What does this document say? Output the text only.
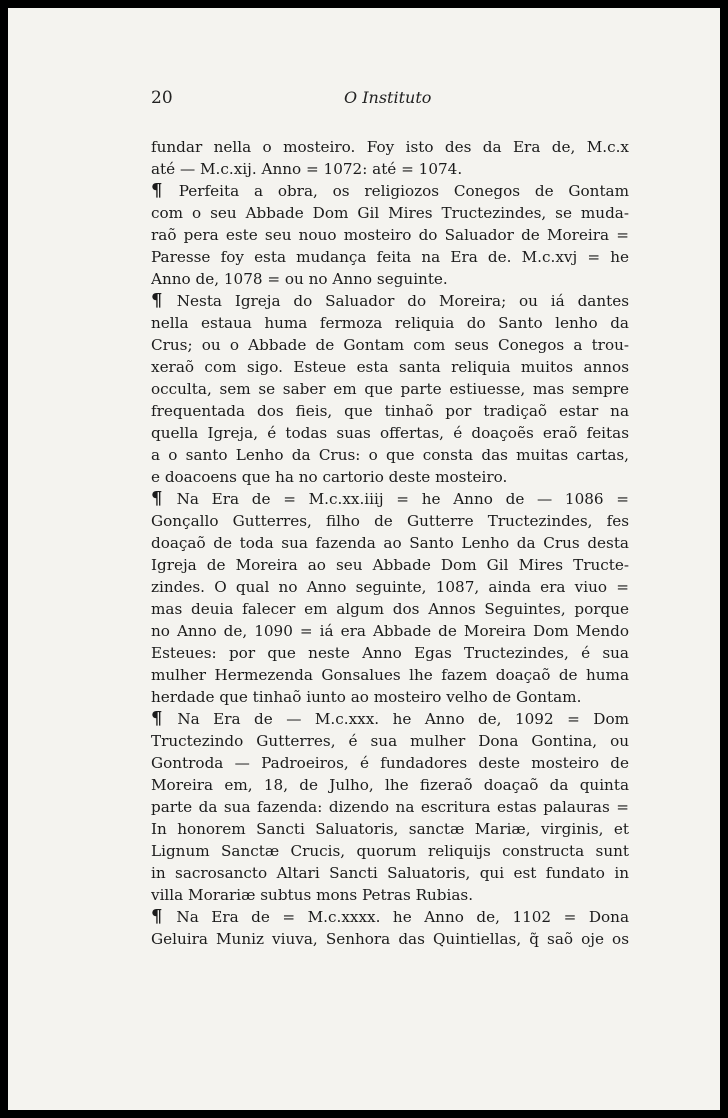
20	O Instituto
fundar nella o mosteiro. Foy isto des da Era de, M.c.x
até — M.c.xij. Anno = 1072: até = 1074.
¶ Perfeita a obra, os religiozos Conegos de Gontam
com o seu Abbade Dom Gil Mires Tructezindes, se muda-
raõ pera este seu nouo mosteiro do Saluador de Moreira =
Paresse foy esta mudança feita na Era de. M.c.xvj = he
Anno de, 1078 = ou no Anno seguinte.
¶ Nesta Igreja do Saluador do Moreira; ou iá dantes
nella estaua huma fermoza reliquia do Santo lenho da
Crus; ou o Abbade de Gontam com seus Conegos a trou-
xeraõ com sigo. Esteue esta santa reliquia muitos annos
occulta, sem se saber em que parte estiuesse, mas sempre
frequentada dos fieis, que tinhaõ por tradiçaõ estar na
quella Igreja, é todas suas offertas, é doaçoẽs eraõ feitas
a o santo Lenho da Crus: o que consta das muitas cartas,
e doacoens que ha no cartorio deste mosteiro.
¶ Na Era de = M.c.xx.iiij = he Anno de — 1086 =
Gonçallo Gutterres, filho de Gutterre Tructezindes, fes
doaçaõ de toda sua fazenda ao Santo Lenho da Crus desta
Igreja de Moreira ao seu Abbade Dom Gil Mires Tructe-
zindes. O qual no Anno seguinte, 1087, ainda era viuo =
mas deuia falecer em algum dos Annos Seguintes, porque
no Anno de, 1090 = iá era Abbade de Moreira Dom Mendo
Esteues: por que neste Anno Egas Tructezindes, é sua
mulher Hermezenda Gonsalues lhe fazem doaçaõ de huma
herdade que tinhaõ iunto ao mosteiro velho de Gontam.
¶ Na Era de — M.c.xxx. he Anno de, 1092 = Dom
Tructezindo Gutterres, é sua mulher Dona Gontina, ou
Gontroda — Padroeiros, é fundadores deste mosteiro de
Moreira em, 18, de Julho, lhe fizeraõ doaçaõ da quinta
parte da sua fazenda: dizendo na escritura estas palauras =
In honorem Sancti Saluatoris, sanctæ Mariæ, virginis, et
Lignum Sanctæ Crucis, quorum reliquijs constructa sunt
in sacrosancto Altari Sancti Saluatoris, qui est fundato in
villa Morariæ subtus mons Petras Rubias.
¶ Na Era de = M.c.xxxx. he Anno de, 1102 = Dona
Geluira Muniz viuva, Senhora das Quintiellas, q̃ saõ oje os
